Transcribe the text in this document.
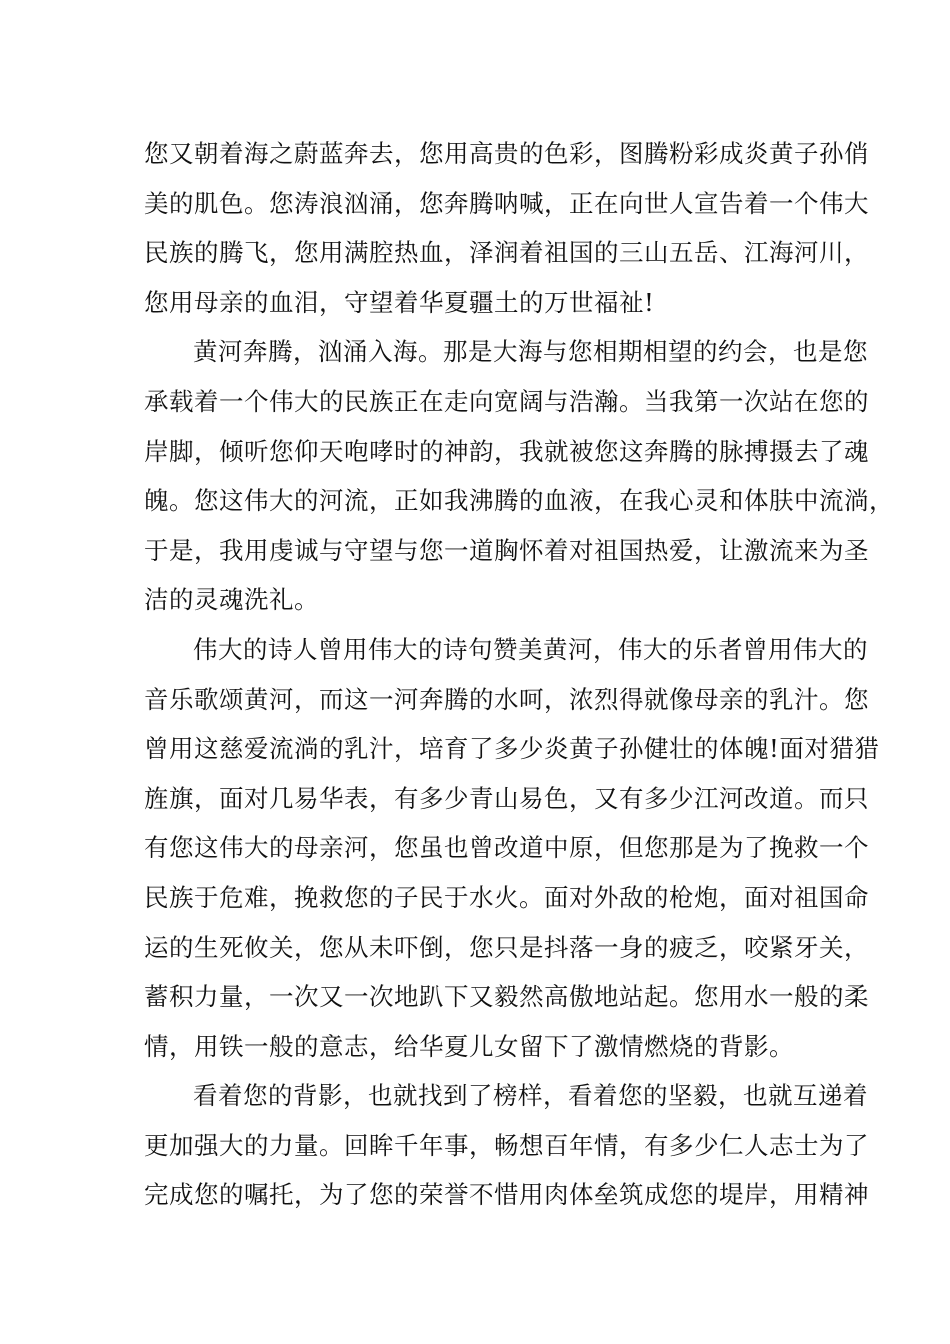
您又朝着海之蔚蓝奔去，您用高贵的色彩，图腾粉彩成炎黄子孙俏
美的肌色。您涛浪汹涌，您奔腾呐喊，正在向世人宣告着一个伟大
民族的腾飞，您用满腔热血，泽润着祖国的三山五岳、江海河川，
您用母亲的血泪，守望着华夏疆土的万世福祉!

黄河奔腾，汹涌入海。那是大海与您相期相望的约会，也是您
承载着一个伟大的民族正在走向宽阔与浩瀚。当我第一次站在您的
岸脚，倾听您仰天咆哮时的神韵，我就被您这奔腾的脉搏摄去了魂
魄。您这伟大的河流，正如我沸腾的血液，在我心灵和体肤中流淌，
于是，我用虔诚与守望与您一道胸怀着对祖国热爱，让激流来为圣
洁的灵魂洗礼。

伟大的诗人曾用伟大的诗句赞美黄河，伟大的乐者曾用伟大的
音乐歌颂黄河，而这一河奔腾的水呵，浓烈得就像母亲的乳汁。您
曾用这慈爱流淌的乳汁，培育了多少炎黄子孙健壮的体魄!面对猎猎
旌旗，面对几易华表，有多少青山易色，又有多少江河改道。而只
有您这伟大的母亲河，您虽也曾改道中原，但您那是为了挽救一个
民族于危难，挽救您的子民于水火。面对外敌的枪炮，面对祖国命
运的生死攸关，您从未吓倒，您只是抖落一身的疲乏，咬紧牙关，
蓄积力量，一次又一次地趴下又毅然高傲地站起。您用水一般的柔
情，用铁一般的意志，给华夏儿女留下了激情燃烧的背影。

看着您的背影，也就找到了榜样，看着您的坚毅，也就互递着
更加强大的力量。回眸千年事，畅想百年情，有多少仁人志士为了
完成您的嘱托，为了您的荣誉不惜用肉体垒筑成您的堤岸，用精神
